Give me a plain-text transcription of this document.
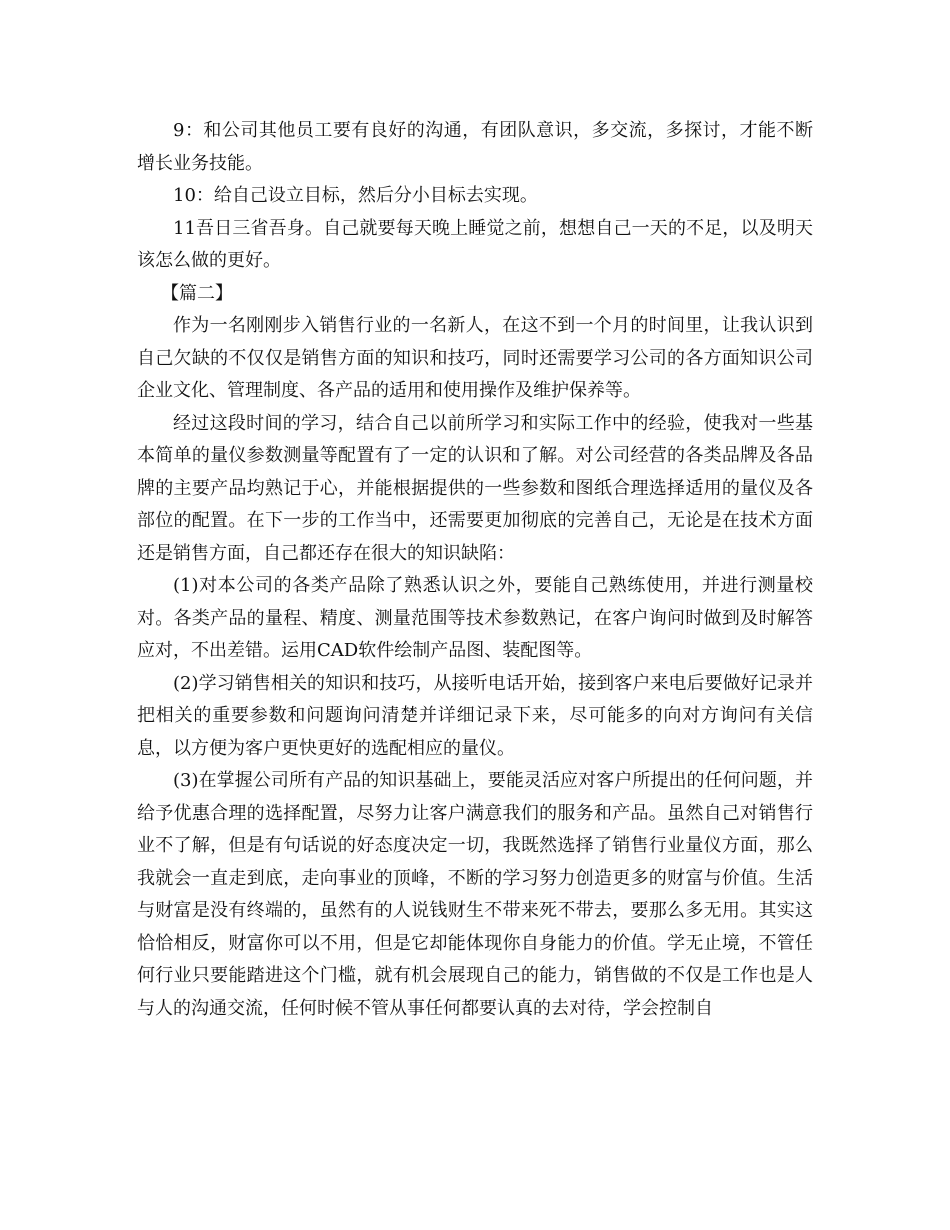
9：和公司其他员工要有良好的沟通，有团队意识，多交流，多探讨，才能不断增长业务技能。

10：给自己设立目标，然后分小目标去实现。

11吾日三省吾身。自己就要每天晚上睡觉之前，想想自己一天的不足，以及明天该怎么做的更好。

【篇二】

作为一名刚刚步入销售行业的一名新人，在这不到一个月的时间里，让我认识到自己欠缺的不仅仅是销售方面的知识和技巧，同时还需要学习公司的各方面知识公司企业文化、管理制度、各产品的适用和使用操作及维护保养等。

经过这段时间的学习，结合自己以前所学习和实际工作中的经验，使我对一些基本简单的量仪参数测量等配置有了一定的认识和了解。对公司经营的各类品牌及各品牌的主要产品均熟记于心，并能根据提供的一些参数和图纸合理选择适用的量仪及各部位的配置。在下一步的工作当中，还需要更加彻底的完善自己，无论是在技术方面还是销售方面，自己都还存在很大的知识缺陷：

(1)对本公司的各类产品除了熟悉认识之外，要能自己熟练使用，并进行测量校对。各类产品的量程、精度、测量范围等技术参数熟记，在客户询问时做到及时解答应对，不出差错。运用CAD软件绘制产品图、装配图等。

(2)学习销售相关的知识和技巧，从接听电话开始，接到客户来电后要做好记录并把相关的重要参数和问题询问清楚并详细记录下来，尽可能多的向对方询问有关信息，以方便为客户更快更好的选配相应的量仪。

(3)在掌握公司所有产品的知识基础上，要能灵活应对客户所提出的任何问题，并给予优惠合理的选择配置，尽努力让客户满意我们的服务和产品。虽然自己对销售行业不了解，但是有句话说的好态度决定一切，我既然选择了销售行业量仪方面，那么我就会一直走到底，走向事业的顶峰，不断的学习努力创造更多的财富与价值。生活与财富是没有终端的，虽然有的人说钱财生不带来死不带去，要那么多无用。其实这恰恰相反，财富你可以不用，但是它却能体现你自身能力的价值。学无止境，不管任何行业只要能踏进这个门槛，就有机会展现自己的能力，销售做的不仅是工作也是人与人的沟通交流，任何时候不管从事任何都要认真的去对待，学会控制自
